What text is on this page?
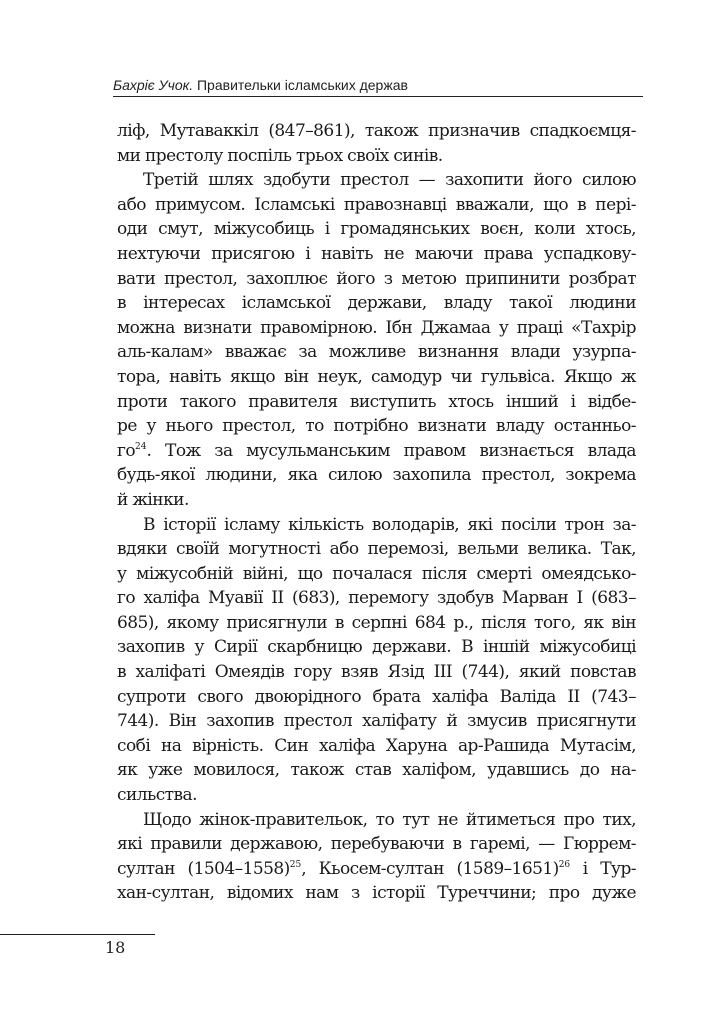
Бахріє Учок. Правительки ісламських держав
ліф, Мутаваккіл (847–861), також призначив спадкоємця-
ми престолу поспіль трьох своїх синів.
Третій шлях здобути престол — захопити його силою
або примусом. Ісламські правознавці вважали, що в пері-
оди смут, міжусобиць і громадянських воєн, коли хтось,
нехтуючи присягою і навіть не маючи права успадкову-
вати престол, захоплює його з метою припинити розбрат
в інтересах ісламської держави, владу такої людини
можна визнати правомірною. Ібн Джамаа у праці «Тахрір
аль-калам» вважає за можливе визнання влади узурпа-
тора, навіть якщо він неук, самодур чи гульвіса. Якщо ж
проти такого правителя виступить хтось інший і відбе-
ре у нього престол, то потрібно визнати владу останньо-
$го^{24}$. Тож за мусульманським правом визнається влада
будь-якої людини, яка силою захопила престол, зокрема
й жінки.
В історії ісламу кількість володарів, які посіли трон за-
вдяки своїй могутності або перемозі, вельми велика. Так,
у міжусобній війні, що почалася після смерті омеядсько-
го халіфа Муавії II (683), перемогу здобув Марван I (683–
685), якому присягнули в серпні 684 р., після того, як він
захопив у Сирії скарбницю держави. В іншій міжусобиці
в халіфаті Омеядів гору взяв Язід III (744), який повстав
супроти свого двоюрідного брата халіфа Валіда II (743–
744). Він захопив престол халіфату й змусив присягнути
собі на вірність. Син халіфа Харуна ар-Рашида Мутасім,
як уже мовилося, також став халіфом, удавшись до на-
сильства.
Щодо жінок-правительок, то тут не йтиметься про тих,
які правили державою, перебуваючи в гаремі, — Гюррем-
султан (1504–1558)$^{25}$, Кьосем-султан (1589–1651)$^{26}$ і Тур-
хан-султан, відомих нам з історії Туреччини; про дуже
18
